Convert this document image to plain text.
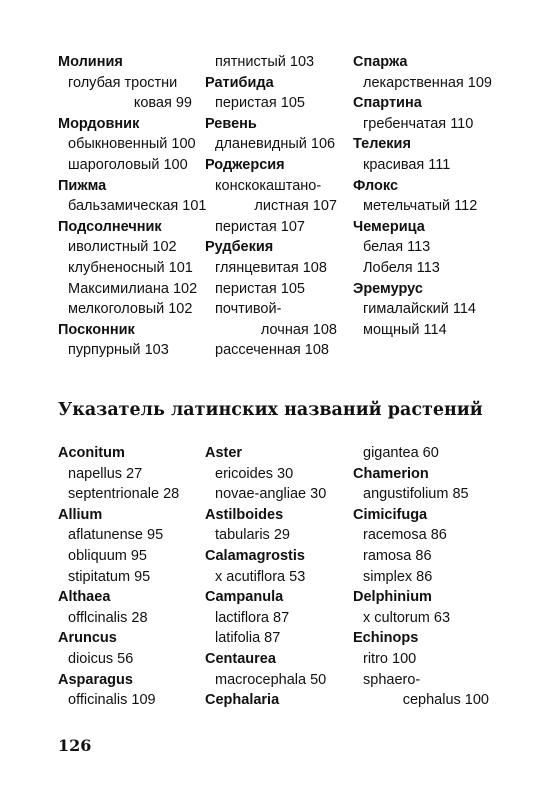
Молиния
голубая тростни
ковая 99
Мордовник
обыкновенный 100
шароголовый 100
Пижма
бальзамическая 101
Подсолнечник
иволистный 102
клубненосный 101
Максимилиана 102
мелкоголовый 102
Посконник
пурпурный 103
пятнистый 103
Ратибида
перистая 105
Ревень
дланевидный 106
Роджерсия
конскокаштано-
листная 107
перистая 107
Рудбекия
глянцевитая 108
перистая 105
почтивой-
лочная 108
рассеченная 108
Спаржа
лекарственная 109
Спартина
гребенчатая 110
Телекия
красивая 111
Флокс
метельчатый 112
Чемерица
белая 113
Лобеля 113
Эремурус
гималайский 114
мощный 114
Указатель латинских названий растений
Aconitum
napellus 27
septentrionale 28
Allium
aflatunense 95
obliquum 95
stipitatum 95
Althaea
offlcinalis 28
Aruncus
dioicus 56
Asparagus
officinalis 109
Aster
ericoides 30
novae-angliae 30
Astilboides
tabularis 29
Calamagrostis
x acutiflora 53
Campanula
lactiflora 87
latifolia 87
Centaurea
macrocephala 50
Cephalaria
gigantea 60
Chamerion
angustifolium 85
Cimicifuga
racemosa 86
ramosa 86
simplex 86
Delphinium
x cultorum 63
Echinops
ritro 100
sphaero-
cephalus 100
126
